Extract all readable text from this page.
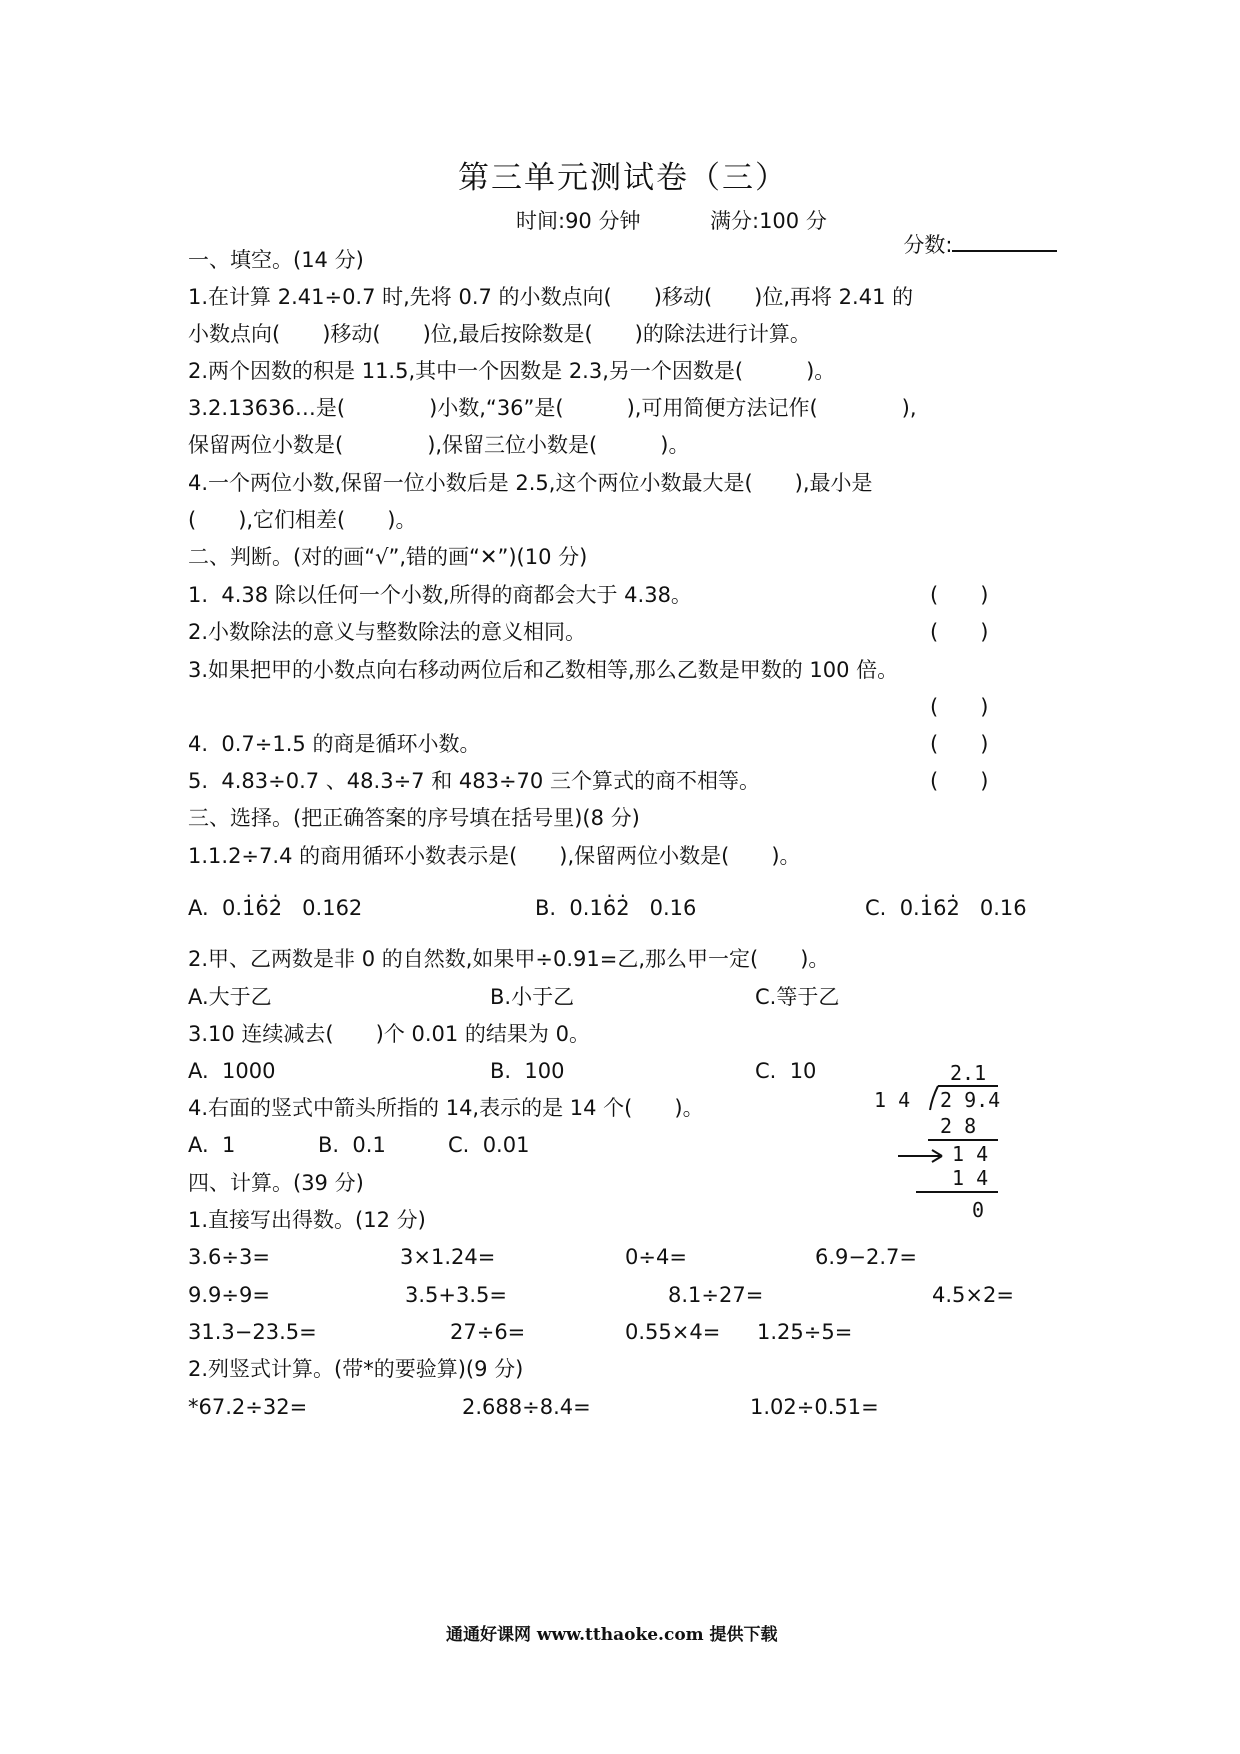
第三单元测试卷（三）
时间:90 分钟	满分:100 分

分数:

一、填空。(14 分)
1.在计算 2.41÷0.7 时,先将 0.7 的小数点向(　　)移动(　　)位,再将 2.41 的
小数点向(　　)移动(　　)位,最后按除数是(　　)的除法进行计算。
2.两个因数的积是 11.5,其中一个因数是 2.3,另一个因数是(　　　)。
3.2.13636…是(　　　　)小数,“36”是(　　　),可用简便方法记作(　　　　),
保留两位小数是(　　　　),保留三位小数是(　　　)。
4.一个两位小数,保留一位小数后是 2.5,这个两位小数最大是(　　),最小是
(　　),它们相差(　　)。
二、判断。(对的画“√”,错的画“✕”)(10 分)
1.  4.38 除以任何一个小数,所得的商都会大于 4.38。	(　　)
2.小数除法的意义与整数除法的意义相同。	(　　)
3.如果把甲的小数点向右移动两位后和乙数相等,那么乙数是甲数的 100 倍。
(　　)
4.  0.7÷1.5 的商是循环小数。	(　　)
5.  4.83÷0.7 、48.3÷7 和 483÷70 三个算式的商不相等。	(　　)
三、选择。(把正确答案的序号填在括号里)(8 分)
1.1.2÷7.4 的商用循环小数表示是(　　),保留两位小数是(　　)。
A.  0.1̇6̇2̇   0.162	B.  0.16̇2̇   0.16	C.  0.1̇62̇   0.16
2.甲、乙两数是非 0 的自然数,如果甲÷0.91=乙,那么甲一定(　　)。
A.大于乙	B.小于乙	C.等于乙
3.10 连续减去(　　)个 0.01 的结果为 0。
A.  1000	B.  100	C.  10
4.右面的竖式中箭头所指的 14,表示的是 14 个(　　)。
A.  1	B.  0.1	C.  0.01
2.1
1 4 2 9.4
2 8
1 4
1 4
0
四、计算。(39 分)
1.直接写出得数。(12 分)
3.6÷3=	3×1.24=	0÷4=	6.9−2.7=
9.9÷9=	3.5+3.5=	8.1÷27=	4.5×2=
31.3−23.5=	27÷6=	0.55×4= 1.25÷5=
2.列竖式计算。(带*的要验算)(9 分)
*67.2÷32=	2.688÷8.4=	1.02÷0.51=
通通好课网 www.tthaoke.com 提供下载
